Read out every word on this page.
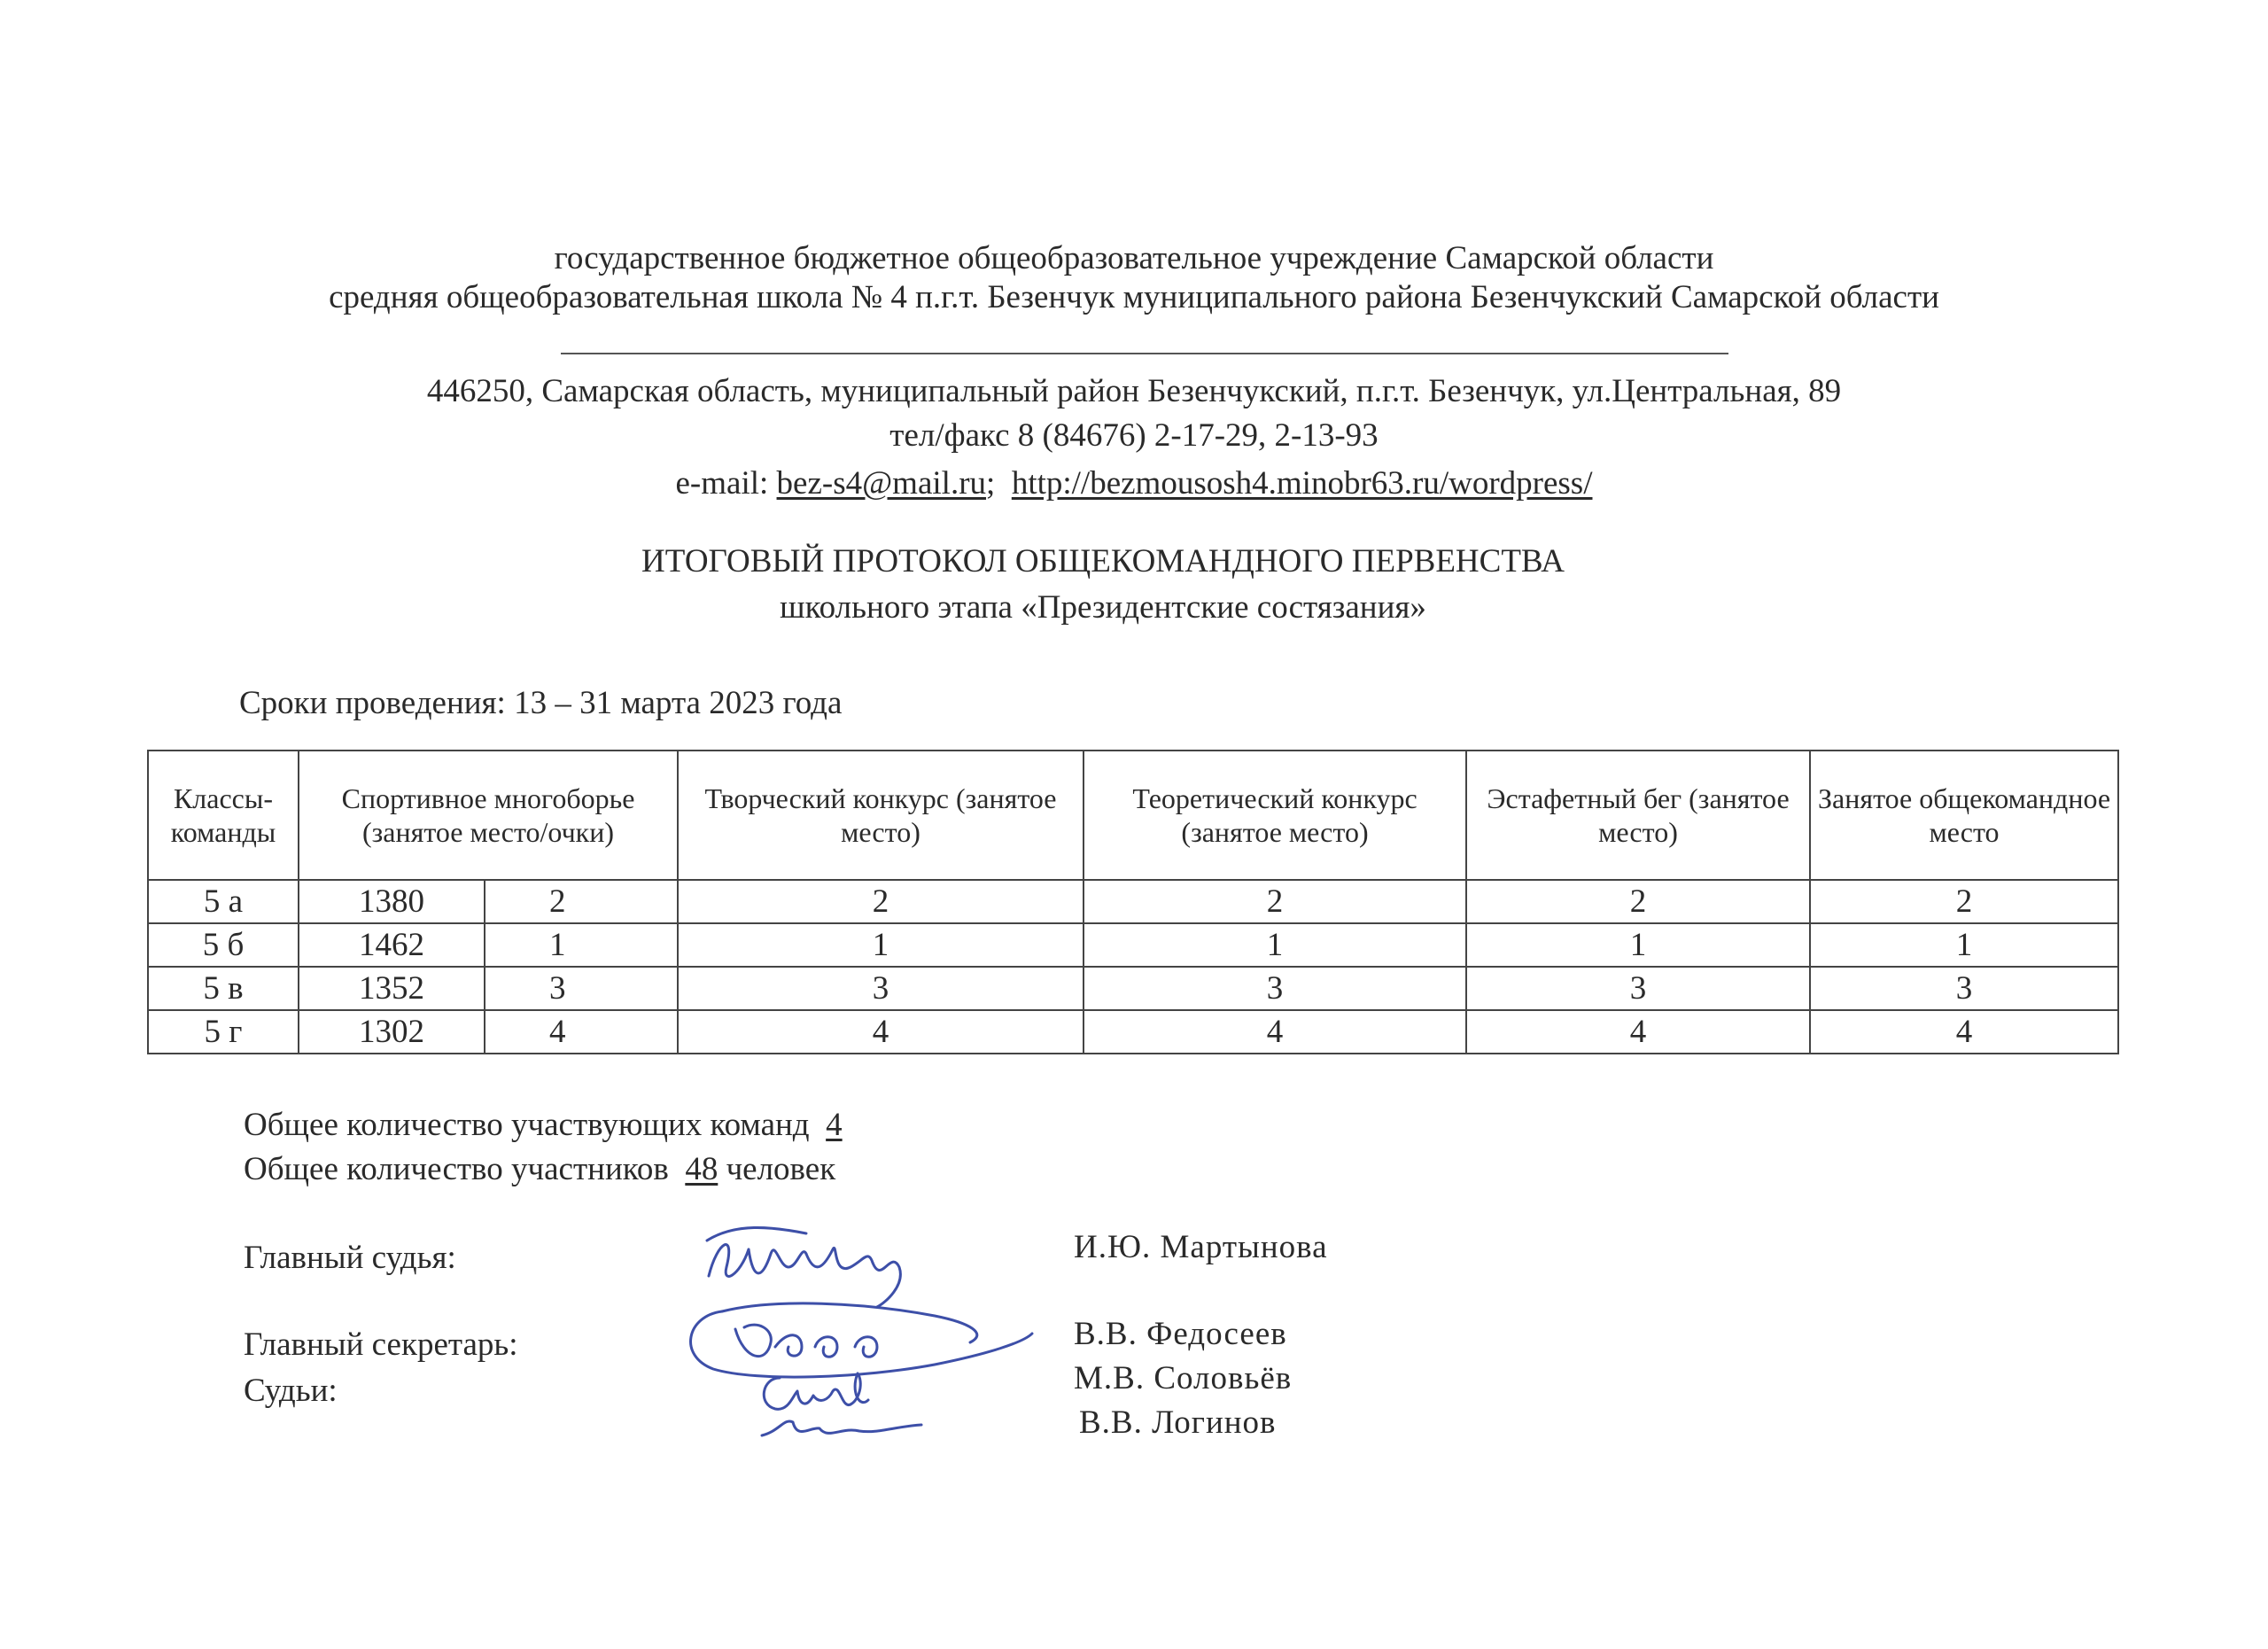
государственное бюджетное общеобразовательное учреждение Самарской области
средняя общеобразовательная школа № 4 п.г.т. Безенчук муниципального района Безенчукский Самарской области
446250, Самарская область, муниципальный район Безенчукский, п.г.т. Безенчук, ул.Центральная, 89
тел/факс 8 (84676) 2-17-29, 2-13-93
e-mail: bez-s4@mail.ru; http://bezmousosh4.minobr63.ru/wordpress/
ИТОГОВЫЙ ПРОТОКОЛ ОБЩЕКОМАНДНОГО ПЕРВЕНСТВА
школьного этапа «Президентские состязания»
Сроки проведения: 13 – 31 марта 2023 года
Классы-команды	Спортивное многоборье (занятое место/очки)		Творческий конкурс (занятое место)	Теоретический конкурс (занятое место)	Эстафетный бег (занятое место)	Занятое общекомандное место
5 а	1380	2	2	2	2	2
5 б	1462	1	1	1	1	1
5 в	1352	3	3	3	3	3
5 г	1302	4	4	4	4	4
Общее количество участвующих команд 4
Общее количество участников 48 человек
Главный судья:	И.Ю. Мартынова
Главный секретарь:	В.В. Федосеев
Судьи:	М.В. Соловьёв
В.В. Логинов
